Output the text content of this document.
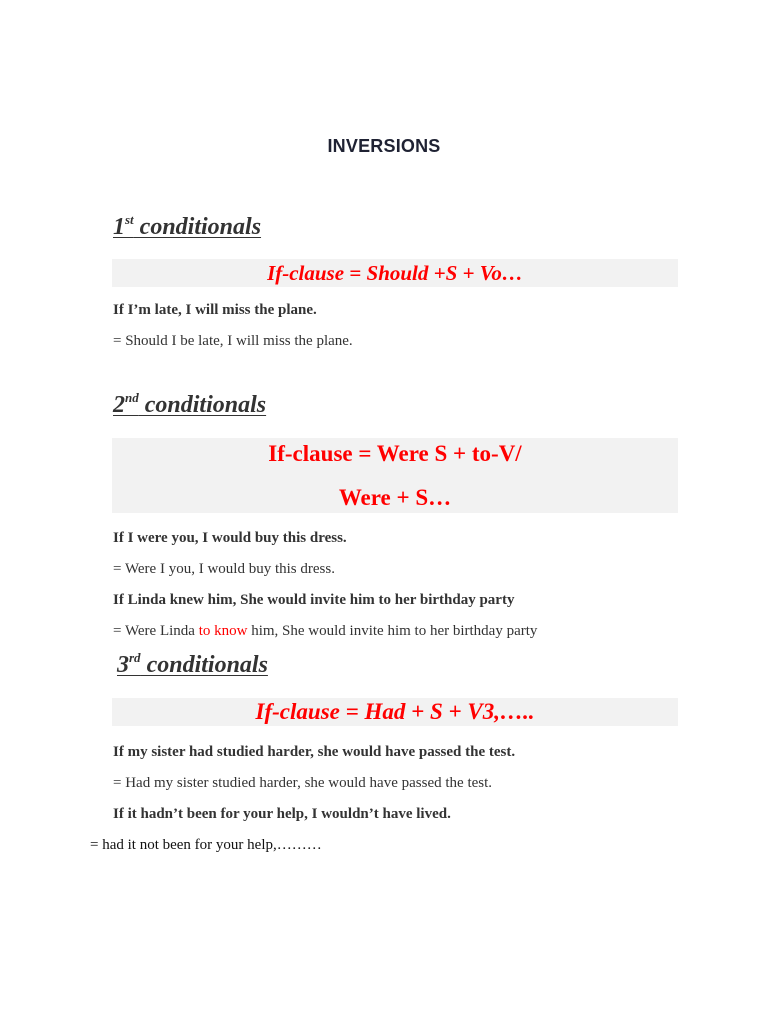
INVERSIONS
1st conditionals
If-clause = Should +S + Vo…
If I’m late, I will miss the plane.
= Should I be late, I will miss the plane.
2nd conditionals
If-clause = Were S + to-V/
Were + S…
If I were you, I would buy this dress.
= Were I you, I would buy this dress.
If Linda knew him, She would invite him to her birthday party
= Were Linda to know him, She would invite him to her birthday party
3rd conditionals
If-clause = Had + S + V3,…..
If my sister had studied harder, she would have passed the test.
= Had my sister studied harder, she would have passed the test.
If it hadn’t been for your help, I wouldn’t have lived.
= had it not been for your help,………
